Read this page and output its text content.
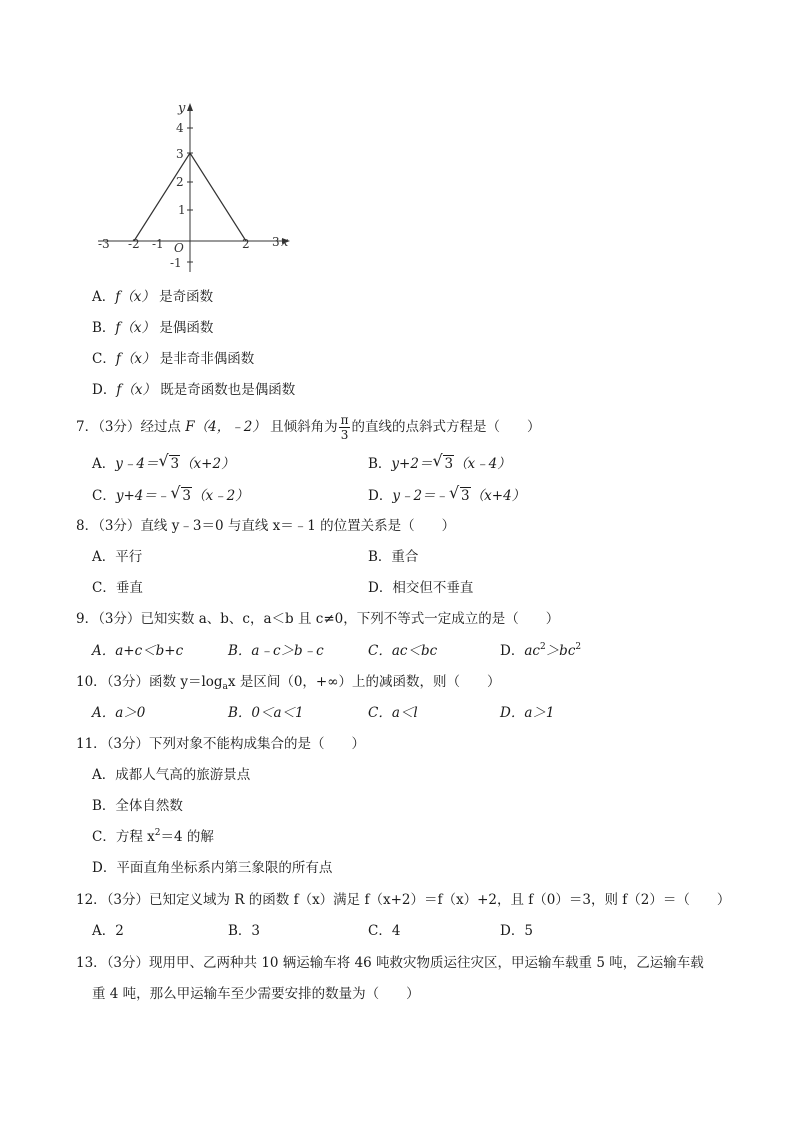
y
4
3
2
1
-1
-3 -2 -1 O	2 3 x
A．f（x） 是奇函数
B．f（x） 是偶函数
C．f（x） 是非奇非偶函数
D．f（x） 既是奇函数也是偶函数
7．（3分）经过点 F（4，﹣2） 且倾斜角为 $\frac{\pi}{3}$ 的直线的点斜式方程是（　　）
A．y﹣4＝ √ 3（x+2）	B．y+2＝ √ 3（x﹣4）
C．y+4＝﹣ √ 3（x﹣2）	D．y﹣2＝﹣ √ 3（x+4）
8．（3分）直线 y﹣3＝0 与直线 x＝﹣1 的位置关系是（　　）
A．平行	B．重合
C．垂直	D．相交但不垂直
9．（3分）已知实数 a、b、c，a＜b 且 c≠0，下列不等式一定成立的是（　　）
A．a+c＜b+c	B．a﹣c＞b﹣c	C．ac＜bc	D．$ac^2>bc^2$
10．（3分）函数 $y=\log_ax$ 是区间（0，+∞）上的减函数，则（　　）
A．a＞0	B．0＜a＜1	C．a＜l	D．a＞1
11．（3分）下列对象不能构成集合的是（　　）
A．成都人气高的旅游景点
B．全体自然数
C．方程 $x^2=4$ 的解
D．平面直角坐标系内第三象限的所有点
12．（3分）已知定义域为 R 的函数 f（x）满足 f（x+2）＝f（x）+2，且 f（0）＝3，则 f（2）＝（　　）
A．2	B．3	C．4	D．5
13．（3分）现用甲、乙两种共 10 辆运输车将 46 吨救灾物质运往灾区，甲运输车载重 5 吨，乙运输车载
重 4 吨，那么甲运输车至少需要安排的数量为（　　）
